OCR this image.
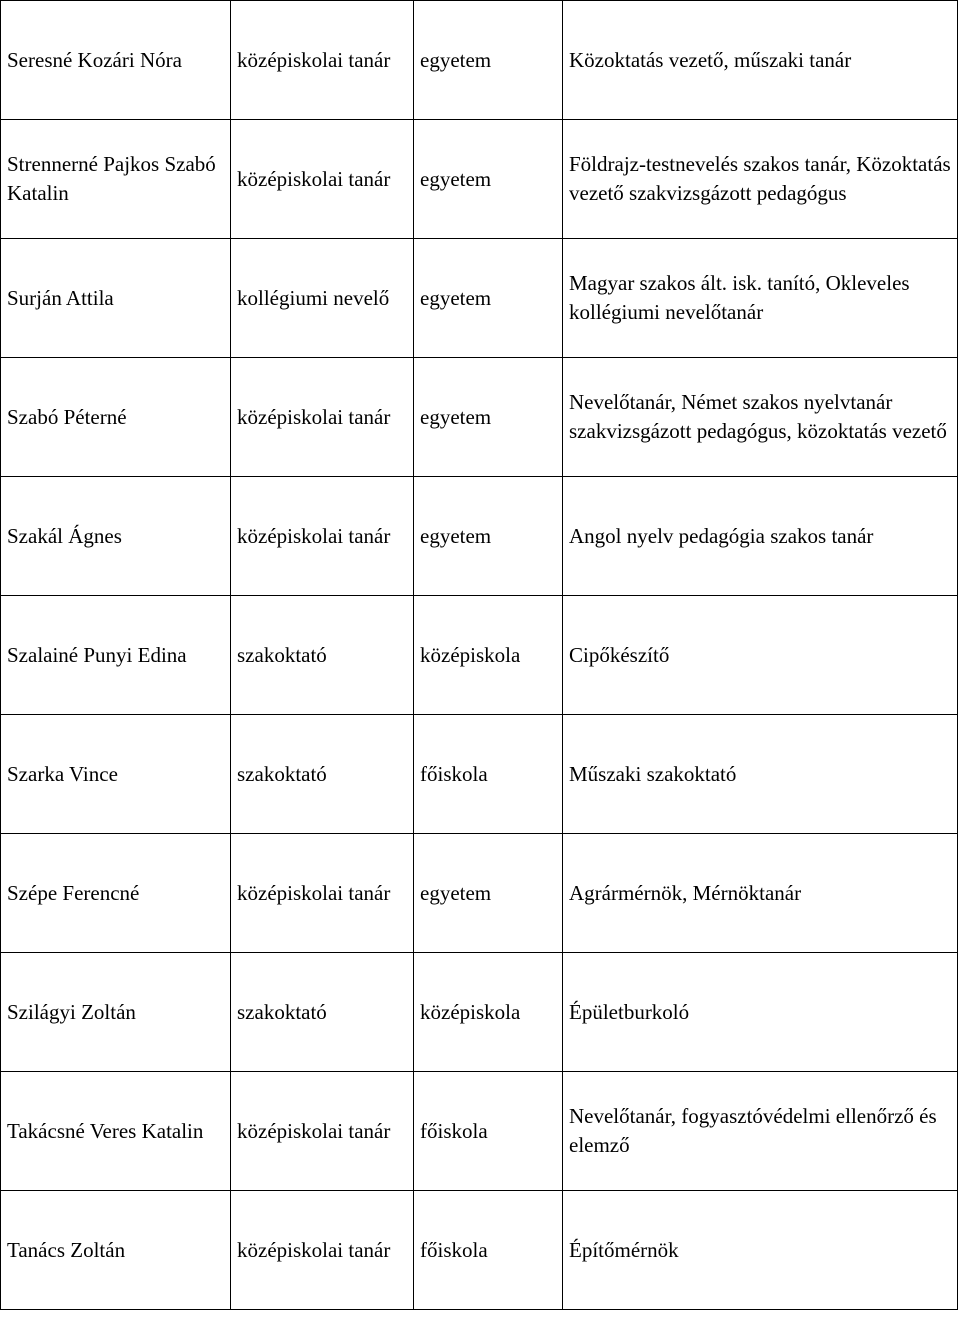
Seresné Kozári Nóra	középiskolai tanár	egyetem	Közoktatás vezető, műszaki tanár
Strennerné Pajkos Szabó Katalin	középiskolai tanár	egyetem	Földrajz-testnevelés szakos tanár, Közoktatás vezető szakvizsgázott pedagógus
Surján Attila	kollégiumi nevelő	egyetem	Magyar szakos ált. isk. tanító, Okleveles kollégiumi nevelőtanár
Szabó Péterné	középiskolai tanár	egyetem	Nevelőtanár, Német szakos nyelvtanár szakvizsgázott pedagógus, közoktatás vezető
Szakál Ágnes	középiskolai tanár	egyetem	Angol nyelv pedagógia szakos tanár
Szalainé Punyi Edina	szakoktató	középiskola	Cipőkészítő
Szarka Vince	szakoktató	főiskola	Műszaki szakoktató
Szépe Ferencné	középiskolai tanár	egyetem	Agrármérnök, Mérnöktanár
Szilágyi Zoltán	szakoktató	középiskola	Épületburkoló
Takácsné Veres Katalin	középiskolai tanár	főiskola	Nevelőtanár, fogyasztóvédelmi ellenőrző és elemző
Tanács Zoltán	középiskolai tanár	főiskola	Építőmérnök
